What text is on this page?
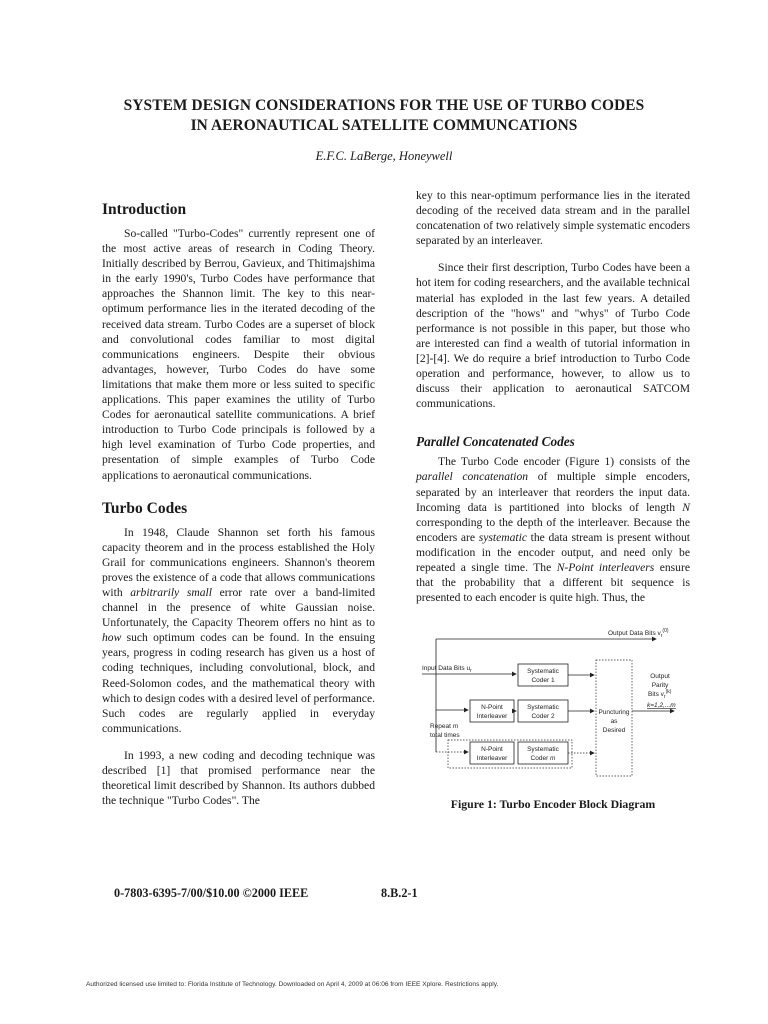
SYSTEM DESIGN CONSIDERATIONS FOR THE USE OF TURBO CODES
IN AERONAUTICAL SATELLITE COMMUNCATIONS
E.F.C. LaBerge, Honeywell
Introduction

So-called "Turbo-Codes" currently represent one of the most active areas of research in Coding Theory. Initially described by Berrou, Gavieux, and Thitimajshima in the early 1990's, Turbo Codes have performance that approaches the Shannon limit. The key to this near-optimum performance lies in the iterated decoding of the received data stream. Turbo Codes are a superset of block and convolutional codes familiar to most digital communications engineers. Despite their obvious advantages, however, Turbo Codes do have some limitations that make them more or less suited to specific applications. This paper examines the utility of Turbo Codes for aeronautical satellite communications. A brief introduction to Turbo Code principals is followed by a high level examination of Turbo Code properties, and presentation of simple examples of Turbo Code applications to aeronautical communications.

Turbo Codes

In 1948, Claude Shannon set forth his famous capacity theorem and in the process established the Holy Grail for communications engineers. Shannon's theorem proves the existence of a code that allows communications with arbitrarily small error rate over a band-limited channel in the presence of white Gaussian noise. Unfortunately, the Capacity Theorem offers no hint as to how such optimum codes can be found. In the ensuing years, progress in coding research has given us a host of coding techniques, including convolutional, block, and Reed-Solomon codes, and the mathematical theory with which to design codes with a desired level of performance. Such codes are regularly applied in everyday communications.

In 1993, a new coding and decoding technique was described [1] that promised performance near the theoretical limit described by Shannon. Its authors dubbed the technique "Turbo Codes". The

key to this near-optimum performance lies in the iterated decoding of the received data stream and in the parallel concatenation of two relatively simple systematic encoders separated by an interleaver.

Since their first description, Turbo Codes have been a hot item for coding researchers, and the available technical material has exploded in the last few years. A detailed description of the "hows" and "whys" of Turbo Code performance is not possible in this paper, but those who are interested can find a wealth of tutorial information in [2]-[4]. We do require a brief introduction to Turbo Code operation and performance, however, to allow us to discuss their application to aeronautical SATCOM communications.

Parallel Concatenated Codes

The Turbo Code encoder (Figure 1) consists of the parallel concatenation of multiple simple encoders, separated by an interleaver that reorders the input data. Incoming data is partitioned into blocks of length N corresponding to the depth of the interleaver. Because the encoders are systematic the data stream is present without modification in the encoder output, and need only be repeated a single time. The N-Point interleavers ensure that the probability that a different bit sequence is presented to each encoder is quite high. Thus, the

Output Data Bits $v_r^{(0)}$
Input Data Bits $u_r$	Systematic
Coder 1
N-Point
Interleaver
Systematic
Coder 2
Repeat m
total times
N-Point
Interleaver
Systematic
Coder m
Puncturing
as
Desired
Output
Parity
Bits $v_r^{(k)}$
k=1,2,...m
Figure 1: Turbo Encoder Block Diagram
0-7803-6395-7/00/$10.00 ©2000 IEEE	8.B.2-1
Authorized licensed use limited to: Florida Institute of Technology. Downloaded on April 4, 2009 at 06:06 from IEEE Xplore. Restrictions apply.
